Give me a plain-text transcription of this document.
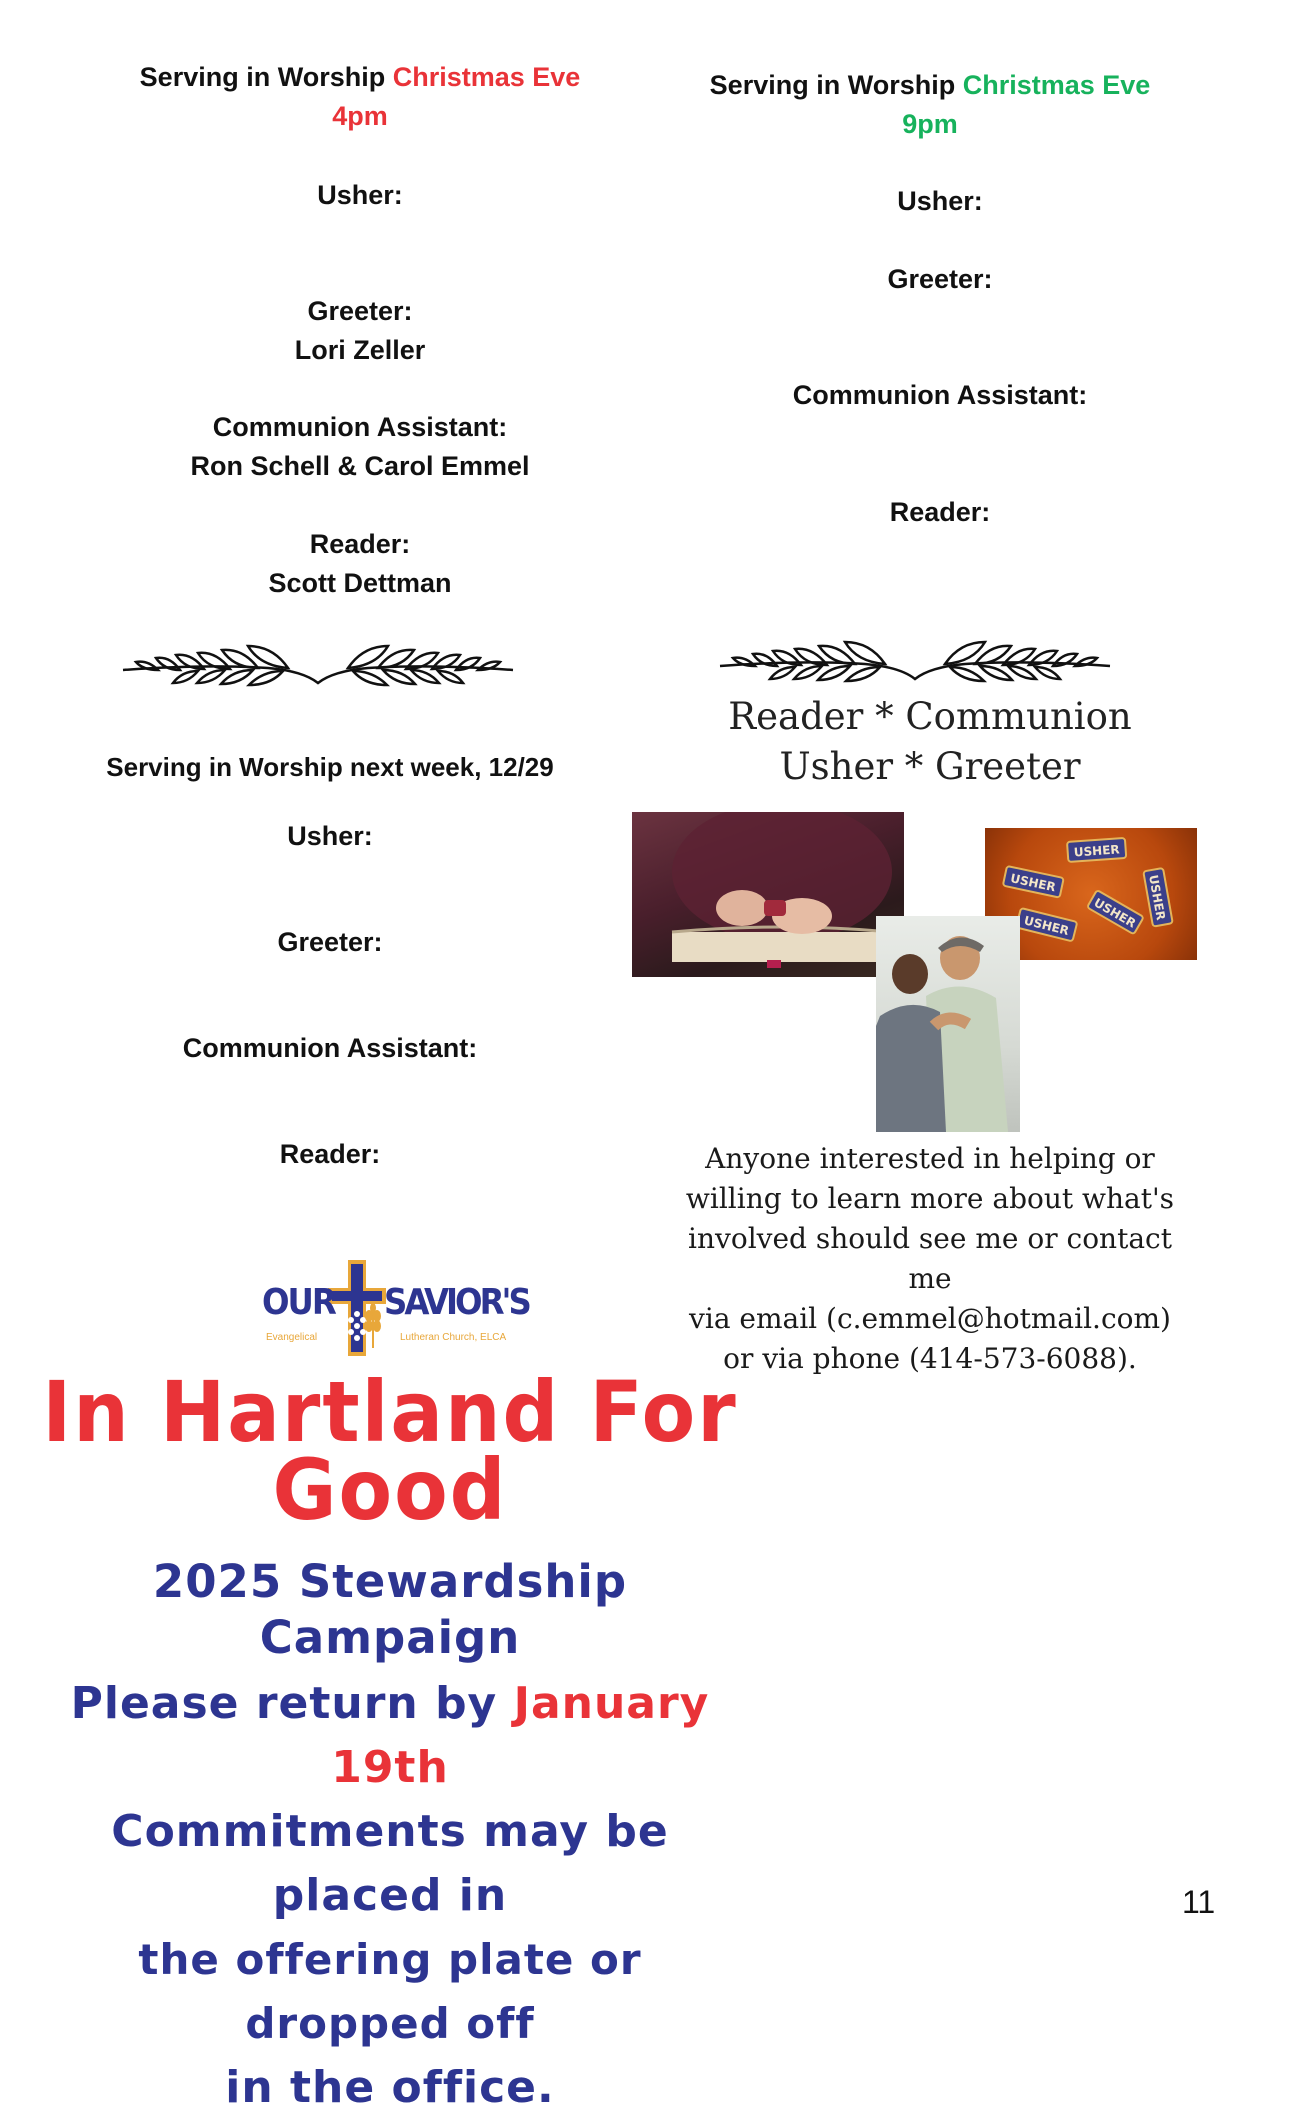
Serving in Worship Christmas Eve
4pm
Usher:
Greeter:
Lori Zeller
Communion Assistant:
Ron Schell & Carol Emmel
Reader:
Scott Dettman
Serving in Worship Christmas Eve
9pm
Usher:
Greeter:
Communion Assistant:
Reader:
Serving in Worship next week, 12/29
Usher:
Greeter:
Communion Assistant:
Reader:
Reader * Communion
Usher * Greeter
USHER
USHER
USHER USHER USHER
Anyone interested in helping or
willing to learn more about what's
involved should see me or contact
me
via email (c.emmel@hotmail.com)
or via phone (414-573-6088).
OUR SAVIOR'S
Evangelical	Lutheran Church, ELCA
In Hartland For
Good
2025 Stewardship Campaign
Please return by January 19th
Commitments may be placed in
the offering plate or dropped off
in the office.
11
